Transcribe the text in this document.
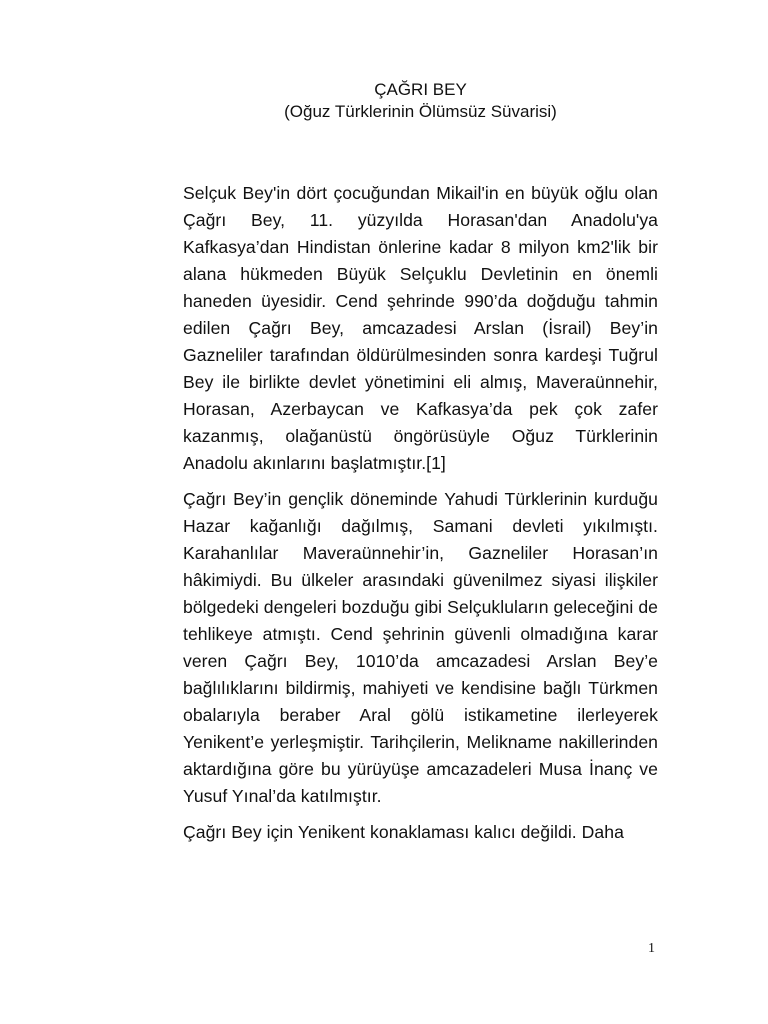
ÇAĞRI BEY
(Oğuz Türklerinin Ölümsüz Süvarisi)

Selçuk Bey'in dört çocuğundan Mikail'in en büyük oğlu olan Çağrı Bey, 11. yüzyılda Horasan'dan Anadolu'ya Kafkasya’dan Hindistan önlerine kadar 8 milyon km2'lik bir alana hükmeden Büyük Selçuklu Devletinin en önemli haneden üyesidir. Cend şehrinde 990’da doğduğu tahmin edilen Çağrı Bey, amcazadesi Arslan (İsrail) Bey’in Gazneliler tarafından öldürülmesinden sonra kardeşi Tuğrul Bey ile birlikte devlet yönetimini eli almış, Maveraünnehir, Horasan, Azerbaycan ve Kafkasya’da pek çok zafer kazanmış, olağanüstü öngörüsüyle Oğuz Türklerinin Anadolu akınlarını başlatmıştır.[1]

Çağrı Bey’in gençlik döneminde Yahudi Türklerinin kurduğu Hazar kağanlığı dağılmış, Samani devleti yıkılmıştı. Karahanlılar Maveraünnehir’in, Gazneliler Horasan’ın hâkimiydi. Bu ülkeler arasındaki güvenilmez siyasi ilişkiler bölgedeki dengeleri bozduğu gibi Selçukluların geleceğini de tehlikeye atmıştı. Cend şehrinin güvenli olmadığına karar veren Çağrı Bey, 1010’da amcazadesi Arslan Bey’e bağlılıklarını bildirmiş, mahiyeti ve kendisine bağlı Türkmen obalarıyla beraber Aral gölü istikametine ilerleyerek Yenikent’e yerleşmiştir. Tarihçilerin, Melikname nakillerinden aktardığına göre bu yürüyüşe amcazadeleri Musa İnanç ve Yusuf Yınal’da katılmıştır.

Çağrı Bey için Yenikent konaklaması kalıcı değildi. Daha

1
